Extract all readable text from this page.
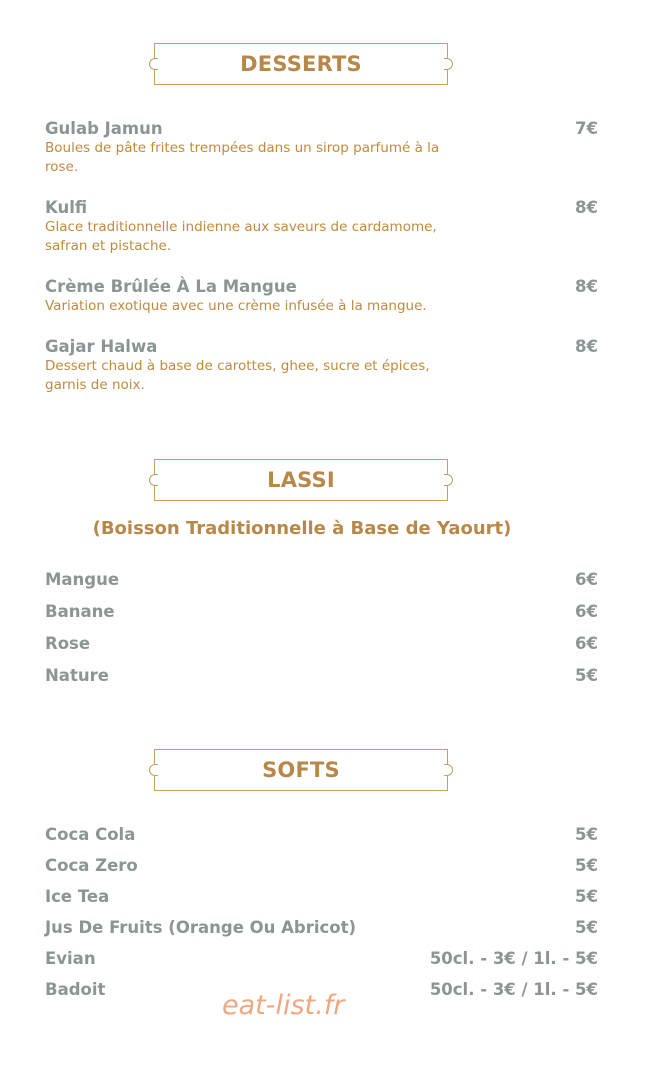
DESSERTS
Gulab Jamun	7€
Boules de pâte frites trempées dans un sirop parfumé à la rose.
Kulfi	8€
Glace traditionnelle indienne aux saveurs de cardamome, safran et pistache.
Crème Brûlée À La Mangue	8€
Variation exotique avec une crème infusée à la mangue.
Gajar Halwa	8€
Dessert chaud à base de carottes, ghee, sucre et épices, garnis de noix.
LASSI
(Boisson Traditionnelle à Base de Yaourt)
Mangue	6€
Banane	6€
Rose	6€
Nature	5€
SOFTS
Coca Cola	5€
Coca Zero	5€
Ice Tea	5€
Jus De Fruits (Orange Ou Abricot)	5€
Evian	50cl. - 3€ / 1l. - 5€
Badoit	50cl. - 3€ / 1l. - 5€
eat-list.fr
